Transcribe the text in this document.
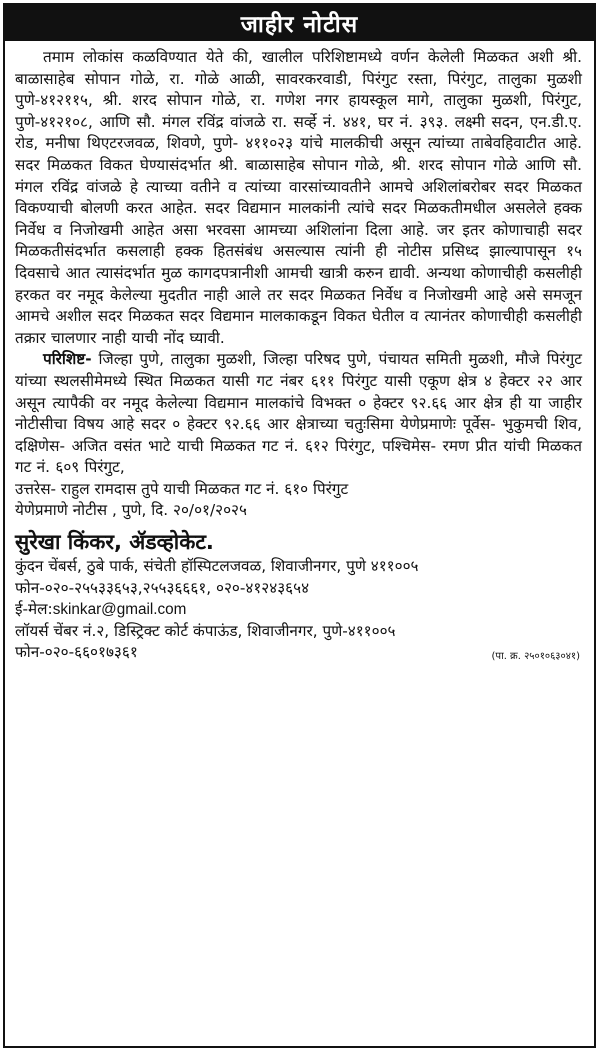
जाहीर नोटीस

तमाम लोकांस कळविण्यात येते की, खालील परिशिष्टामध्ये वर्णन केलेली मिळकत अशी श्री. बाळासाहेब सोपान गोळे, रा. गोळे आळी, सावरकरवाडी, पिरंगुट रस्ता, पिरंगुट, तालुका मुळशी पुणे-४१२११५, श्री. शरद सोपान गोळे, रा. गणेश नगर हायस्कूल मागे, तालुका मुळशी, पिरंगुट, पुणे-४१२१०८, आणि सौ. मंगल रविंद्र वांजळे रा. सर्व्हे नं. ४४१, घर नं. ३९३. लक्ष्मी सदन, एन.डी.ए. रोड, मनीषा थिएटरजवळ, शिवणे, पुणे- ४११०२३ यांचे मालकीची असून त्यांच्या ताबेवहिवाटीत आहे. सदर मिळकत विकत घेण्यासंदर्भात श्री. बाळासाहेब सोपान गोळे, श्री. शरद सोपान गोळे आणि सौ. मंगल रविंद्र वांजळे हे त्याच्या वतीने व त्यांच्या वारसांच्यावतीने आमचे अशिलांबरोबर सदर मिळकत विकण्याची बोलणी करत आहेत. सदर विद्यमान मालकांनी त्यांचे सदर मिळकतीमधील असलेले हक्क निर्वेध व निजोखमी आहेत असा भरवसा आमच्या अशिलांना दिला आहे. जर इतर कोणाचाही सदर मिळकतीसंदर्भात कसलाही हक्क हितसंबंध असल्यास त्यांनी ही नोटीस प्रसिध्द झाल्यापासून १५ दिवसाचे आत त्यासंदर्भात मुळ कागदपत्रानीशी आमची खात्री करुन द्यावी. अन्यथा कोणाचीही कसलीही हरकत वर नमूद केलेल्या मुदतीत नाही आले तर सदर मिळकत निर्वेध व निजोखमी आहे असे समजून आमचे अशील सदर मिळकत सदर विद्यमान मालकाकडून विकत घेतील व त्यानंतर कोणाचीही कसलीही तक्रार चालणार नाही याची नोंद घ्यावी.

परिशिष्ट- जिल्हा पुणे, तालुका मुळशी, जिल्हा परिषद पुणे, पंचायत समिती मुळशी, मौजे पिरंगुट यांच्या स्थलसीमेमध्ये स्थित मिळकत यासी गट नंबर ६११ पिरंगुट यासी एकूण क्षेत्र ४ हेक्टर २२ आर असून त्यापैकी वर नमूद केलेल्या विद्यमान मालकांचे विभक्त ० हेक्टर ९२.६६ आर क्षेत्र ही या जाहीर नोटीसीचा विषय आहे सदर ० हेक्टर ९२.६६ आर क्षेत्राच्या चतुःसिमा येणेप्रमाणेः पूर्वेस- भुकुमची शिव, दक्षिणेस- अजित वसंत भाटे याची मिळकत गट नं. ६१२ पिरंगुट, पश्चिमेस- रमण प्रीत यांची मिळकत गट नं. ६०९ पिरंगुट,

उत्तरेस- राहुल रामदास तुपे याची मिळकत गट नं. ६१० पिरंगुट
येणेप्रमाणे नोटीस , पुणे, दि. २०/०१/२०२५
सुरेखा किंकर, ॲडव्होकेट.
कुंदन चेंबर्स, ठुबे पार्क, संचेती हॉस्पिटलजवळ, शिवाजीनगर, पुणे ४११००५
फोन-०२०-२५५३३६५३,२५५३६६६१, ०२०-४१२४३६५४
ई-मेल:skinkar@gmail.com
लॉयर्स चेंबर नं.२, डिस्ट्रिक्ट कोर्ट कंपाऊंड, शिवाजीनगर, पुणे-४११००५
फोन-०२०-६६०१७३६१	(पा. क्र. २५०१०६३०४१)
